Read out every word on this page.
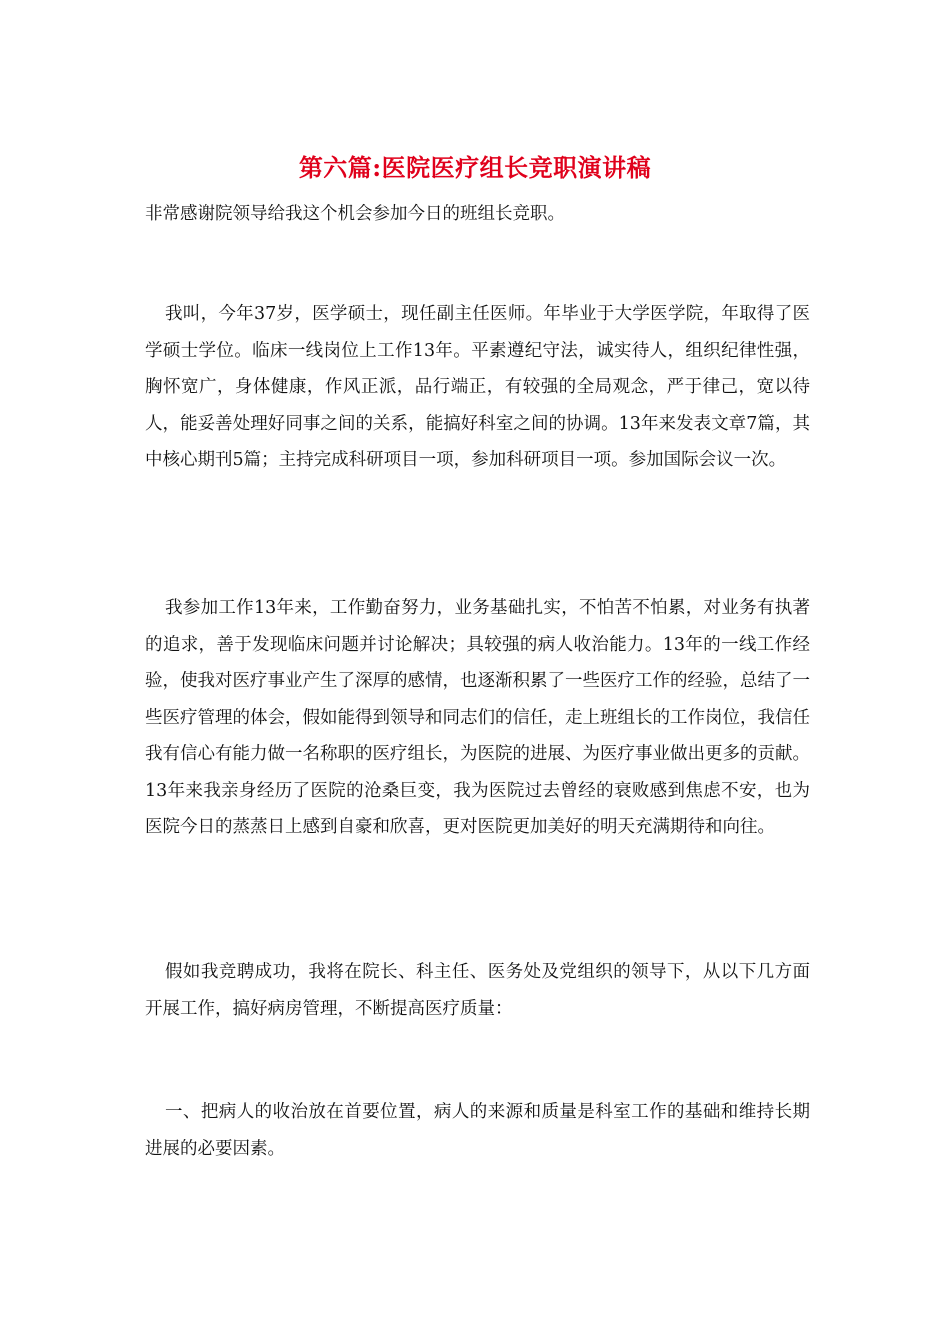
第六篇:医院医疗组长竞职演讲稿

非常感谢院领导给我这个机会参加今日的班组长竞职。

我叫，今年37岁，医学硕士，现任副主任医师。年毕业于大学医学院，年取得了医学硕士学位。临床一线岗位上工作13年。平素遵纪守法，诚实待人，组织纪律性强，胸怀宽广，身体健康，作风正派，品行端正，有较强的全局观念，严于律己，宽以待人，能妥善处理好同事之间的关系，能搞好科室之间的协调。13年来发表文章7篇，其中核心期刊5篇；主持完成科研项目一项，参加科研项目一项。参加国际会议一次。

我参加工作13年来，工作勤奋努力，业务基础扎实，不怕苦不怕累，对业务有执著的追求，善于发现临床问题并讨论解决；具较强的病人收治能力。13年的一线工作经验，使我对医疗事业产生了深厚的感情，也逐渐积累了一些医疗工作的经验，总结了一些医疗管理的体会，假如能得到领导和同志们的信任，走上班组长的工作岗位，我信任我有信心有能力做一名称职的医疗组长，为医院的进展、为医疗事业做出更多的贡献。13年来我亲身经历了医院的沧桑巨变，我为医院过去曾经的衰败感到焦虑不安，也为医院今日的蒸蒸日上感到自豪和欣喜，更对医院更加美好的明天充满期待和向往。

假如我竞聘成功，我将在院长、科主任、医务处及党组织的领导下，从以下几方面开展工作，搞好病房管理，不断提高医疗质量：

一、把病人的收治放在首要位置，病人的来源和质量是科室工作的基础和维持长期进展的必要因素。
